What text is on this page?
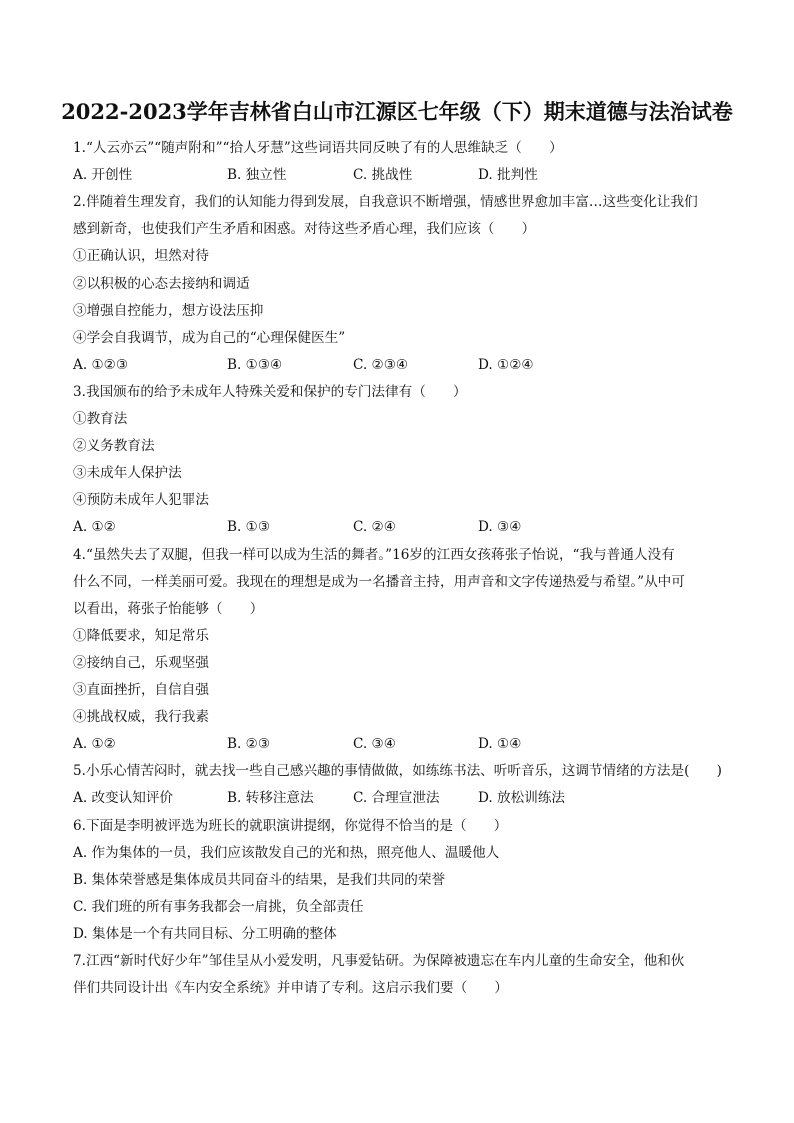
2022-2023学年吉林省白山市江源区七年级（下）期末道德与法治试卷
1.“人云亦云”“随声附和”“拾人牙慧”这些词语共同反映了有的人思维缺乏（　　）
A. 开创性	B. 独立性	C. 挑战性	D. 批判性
2.伴随着生理发育，我们的认知能力得到发展，自我意识不断增强，情感世界愈加丰富…这些变化让我们
感到新奇，也使我们产生矛盾和困惑。对待这些矛盾心理，我们应该（　　）
①正确认识，坦然对待
②以积极的心态去接纳和调适
③增强自控能力，想方设法压抑
④学会自我调节，成为自己的“心理保健医生”
A. ①②③	B. ①③④	C. ②③④	D. ①②④
3.我国颁布的给予未成年人特殊关爱和保护的专门法律有（　　）
①教育法
②义务教育法
③未成年人保护法
④预防未成年人犯罪法
A. ①②	B. ①③	C. ②④	D. ③④
4.“虽然失去了双腿，但我一样可以成为生活的舞者。”16岁的江西女孩蒋张子怡说，“我与普通人没有
什么不同，一样美丽可爱。我现在的理想是成为一名播音主持，用声音和文字传递热爱与希望。”从中可
以看出，蒋张子怡能够（　　）
①降低要求，知足常乐
②接纳自己，乐观坚强
③直面挫折，自信自强
④挑战权威，我行我素
A. ①②	B. ②③	C. ③④	D. ①④
5.小乐心情苦闷时，就去找一些自己感兴趣的事情做做，如练练书法、听听音乐，这调节情绪的方法是(　　)
A. 改变认知评价	B. 转移注意法	C. 合理宣泄法	D. 放松训练法
6.下面是李明被评选为班长的就职演讲提纲，你觉得不恰当的是（　　）
A. 作为集体的一员，我们应该散发自己的光和热，照亮他人、温暖他人
B. 集体荣誉感是集体成员共同奋斗的结果，是我们共同的荣誉
C. 我们班的所有事务我都会一肩挑，负全部责任
D. 集体是一个有共同目标、分工明确的整体
7.江西“新时代好少年”邹佳呈从小爱发明，凡事爱钻研。为保障被遗忘在车内儿童的生命安全，他和伙
伴们共同设计出《车内安全系统》并申请了专利。这启示我们要（　　）
